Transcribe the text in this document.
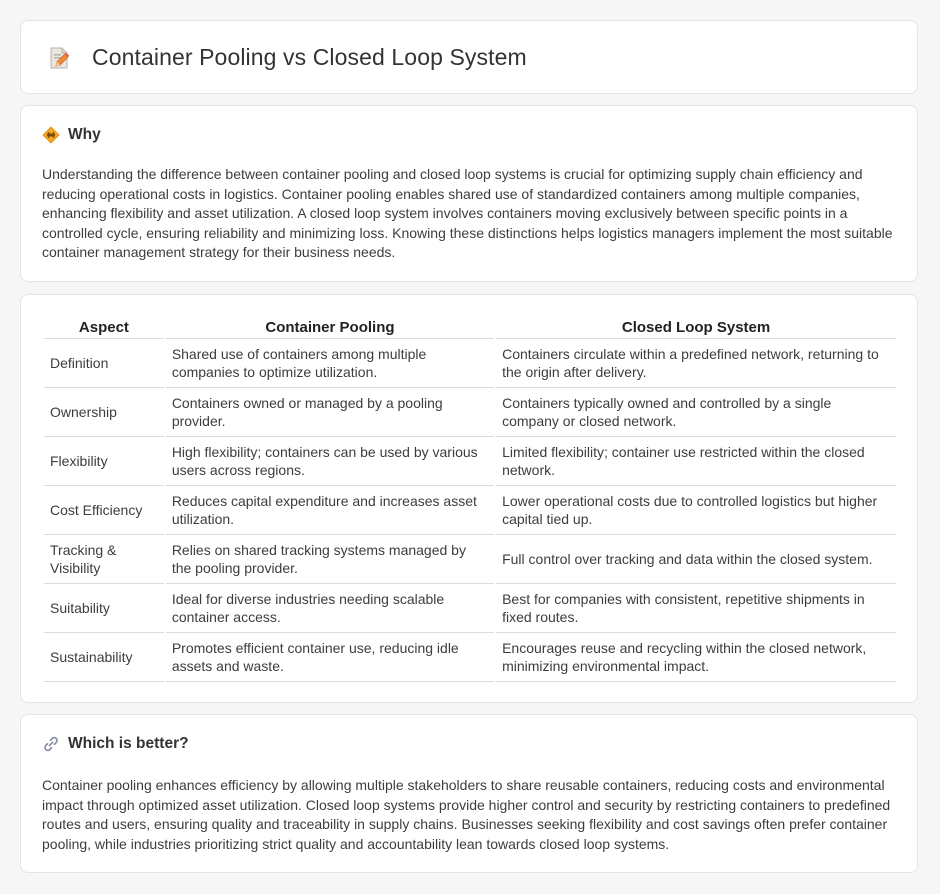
Container Pooling vs Closed Loop System
Why

Understanding the difference between container pooling and closed loop systems is crucial for optimizing supply chain efficiency and reducing operational costs in logistics. Container pooling enables shared use of standardized containers among multiple companies, enhancing flexibility and asset utilization. A closed loop system involves containers moving exclusively between specific points in a controlled cycle, ensuring reliability and minimizing loss. Knowing these distinctions helps logistics managers implement the most suitable container management strategy for their business needs.

Aspect	Container Pooling	Closed Loop System
Definition	Shared use of containers among multiple companies to optimize utilization.	Containers circulate within a predefined network, returning to the origin after delivery.
Ownership	Containers owned or managed by a pooling provider.	Containers typically owned and controlled by a single company or closed network.
Flexibility	High flexibility; containers can be used by various users across regions.	Limited flexibility; container use restricted within the closed network.
Cost Efficiency	Reduces capital expenditure and increases asset utilization.	Lower operational costs due to controlled logistics but higher capital tied up.
Tracking & Visibility	Relies on shared tracking systems managed by the pooling provider.	Full control over tracking and data within the closed system.
Suitability	Ideal for diverse industries needing scalable container access.	Best for companies with consistent, repetitive shipments in fixed routes.
Sustainability	Promotes efficient container use, reducing idle assets and waste.	Encourages reuse and recycling within the closed network, minimizing environmental impact.
Which is better?

Container pooling enhances efficiency by allowing multiple stakeholders to share reusable containers, reducing costs and environmental impact through optimized asset utilization. Closed loop systems provide higher control and security by restricting containers to predefined routes and users, ensuring quality and traceability in supply chains. Businesses seeking flexibility and cost savings often prefer container pooling, while industries prioritizing strict quality and accountability lean towards closed loop systems.
